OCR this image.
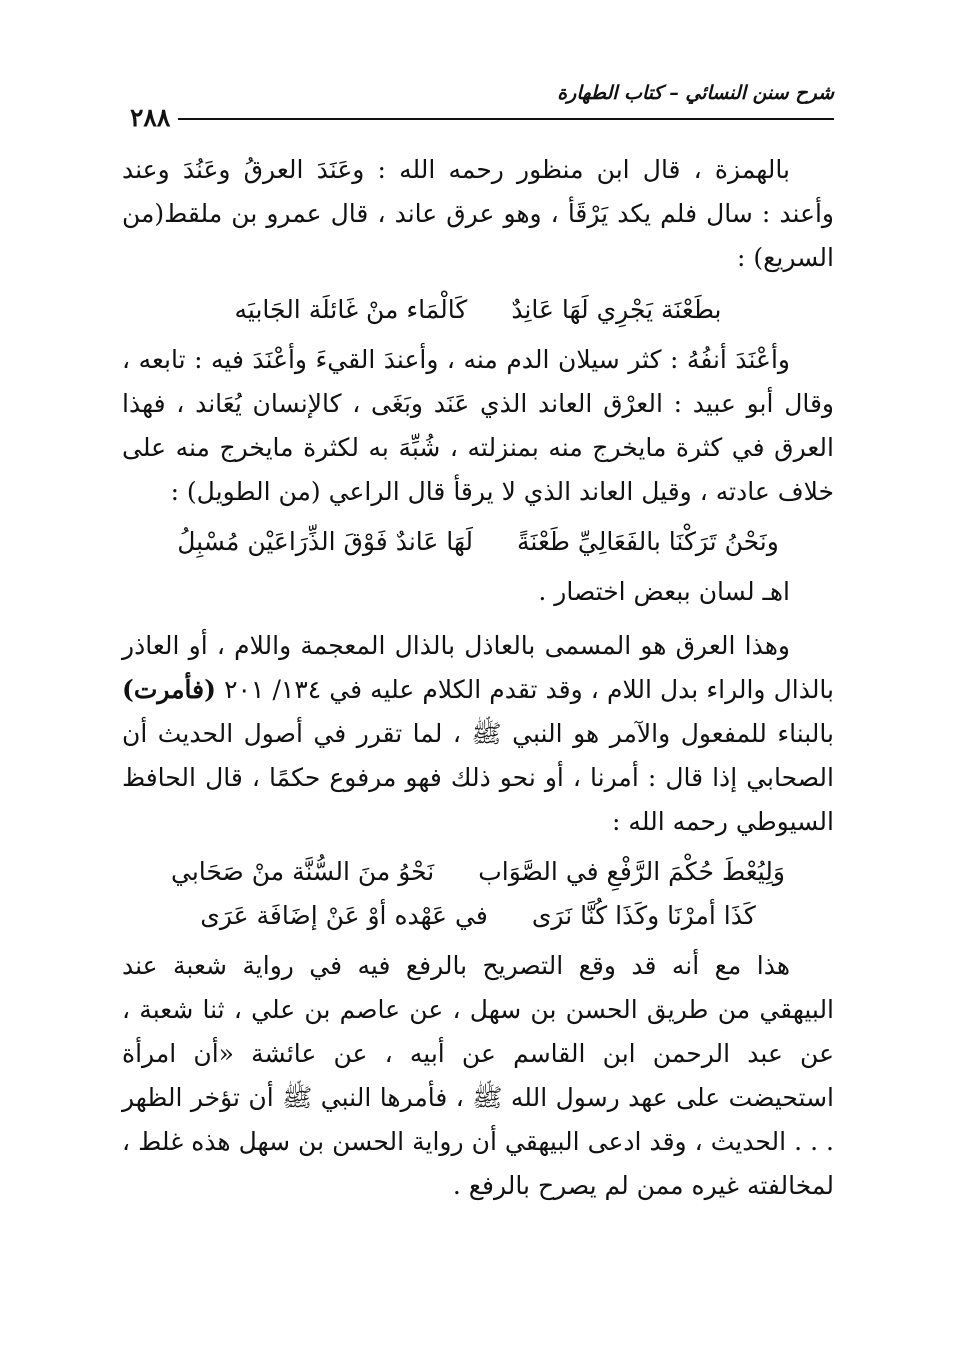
شرح سنن النسائي – كتاب الطهارة
٢٨٨

بالهمزة ، قال ابن منظور رحمه الله : وعَنَدَ العرقُ وعَنُدَ وعند وأعند : سال فلم يكد يَرْقَأ ، وهو عرق عاند ، قال عمرو بن ملقط(من السريع) :

بطَعْنَة يَجْرِي لَهَا عَانِدٌ
كَالْمَاء منْ غَائلَة الجَابيَه

وأعْنَدَ أنفُهُ : كثر سيلان الدم منه ، وأعندَ القيءَ وأعْنَدَ فيه : تابعه ، وقال أبو عبيد : العرْق العاند الذي عَنَد وبَغَى ، كالإنسان يُعَاند ، فهذا العرق في كثرة مايخرج منه بمنزلته ، شُبِّهَ به لكثرة مايخرج منه على خلاف عادته ، وقيل العاند الذي لا يرقأ قال الراعي (من الطويل) :

ونَحْنُ تَرَكْنَا بالفَعَالِيِّ طَعْنَةً
لَهَا عَاندٌ فَوْقَ الذِّرَاعَيْن مُسْبِلُ

اهـ لسان ببعض اختصار .

وهذا العرق هو المسمى بالعاذل بالذال المعجمة واللام ، أو العاذر بالذال والراء بدل اللام ، وقد تقدم الكلام عليه في ١٣٤/ ٢٠١ (فأمرت) بالبناء للمفعول والآمر هو النبي ﷺ ، لما تقرر في أصول الحديث أن الصحابي إذا قال : أمرنا ، أو نحو ذلك فهو مرفوع حكمًا ، قال الحافظ السيوطي رحمه الله :

وَلِيُعْطَ حُكْمَ الرَّفْعِ في الصَّوَاب
نَحْوُ منَ السُّنَّة منْ صَحَابي
كَذَا أمرْنَا وكَذَا كُنَّا نَرَى
في عَهْده أوْ عَنْ إضَافَة عَرَى

هذا مع أنه قد وقع التصريح بالرفع فيه في رواية شعبة عند البيهقي من طريق الحسن بن سهل ، عن عاصم بن علي ، ثنا شعبة ، عن عبد الرحمن ابن القاسم عن أبيه ، عن عائشة «أن امرأة استحيضت على عهد رسول الله ﷺ ، فأمرها النبي ﷺ أن تؤخر الظهر . . . الحديث ، وقد ادعى البيهقي أن رواية الحسن بن سهل هذه غلط ، لمخالفته غيره ممن لم يصرح بالرفع .
